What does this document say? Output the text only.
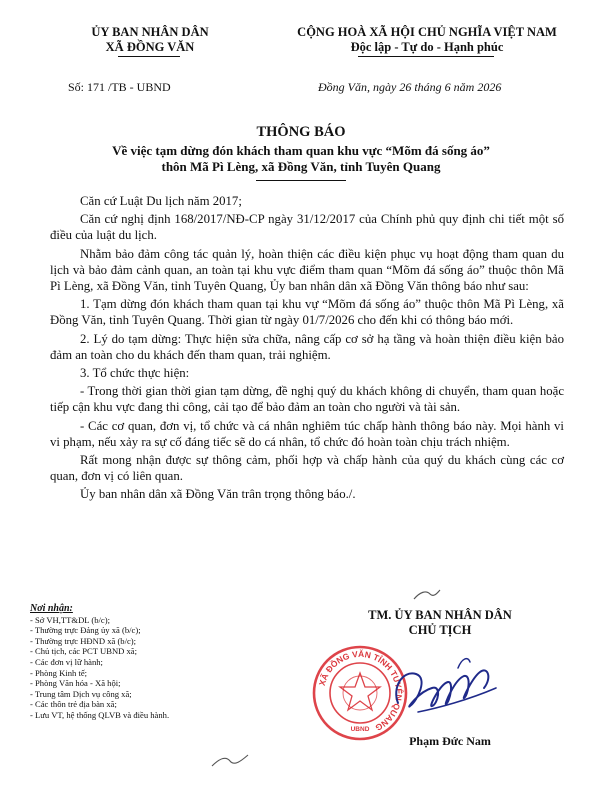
ỦY BAN NHÂN DÂN
XÃ ĐỒNG VĂN
CỘNG HOÀ XÃ HỘI CHỦ NGHĨA VIỆT NAM
Độc lập - Tự do - Hạnh phúc
Số: 171 /TB - UBND	Đồng Văn, ngày 26 tháng 6 năm 2026
THÔNG BÁO
Về việc tạm dừng đón khách tham quan khu vực “Mõm đá sống áo”
thôn Mã Pì Lèng, xã Đồng Văn, tỉnh Tuyên Quang

Căn cứ Luật Du lịch năm 2017;

Căn cứ nghị định 168/2017/NĐ-CP ngày 31/12/2017 của Chính phủ quy định chi tiết một số điều của luật du lịch.

Nhằm bảo đảm công tác quản lý, hoàn thiện các điều kiện phục vụ hoạt động tham quan du lịch và bảo đảm cảnh quan, an toàn tại khu vực điểm tham quan “Mõm đá sống áo” thuộc thôn Mã Pì Lèng, xã Đồng Văn, tỉnh Tuyên Quang, Ủy ban nhân dân xã Đồng Văn thông báo như sau:

1. Tạm dừng đón khách tham quan tại khu vự “Mõm đá sống áo” thuộc thôn Mã Pì Lèng, xã Đồng Văn, tỉnh Tuyên Quang. Thời gian từ ngày 01/7/2026 cho đến khi có thông báo mới.

2. Lý do tạm dừng: Thực hiện sửa chữa, nâng cấp cơ sở hạ tầng và hoàn thiện điều kiện bảo đảm an toàn cho du khách đến tham quan, trải nghiệm.

3. Tổ chức thực hiện:

- Trong thời gian thời gian tạm dừng, đề nghị quý du khách không di chuyển, tham quan hoặc tiếp cận khu vực đang thi công, cải tạo để bảo đảm an toàn cho người và tài sản.

- Các cơ quan, đơn vị, tổ chức và cá nhân nghiêm túc chấp hành thông báo này. Mọi hành vi vi phạm, nếu xảy ra sự cố đáng tiếc sẽ do cá nhân, tổ chức đó hoàn toàn chịu trách nhiệm.

Rất mong nhận được sự thông cảm, phối hợp và chấp hành của quý du khách cùng các cơ quan, đơn vị có liên quan.

Ủy ban nhân dân xã Đồng Văn trân trọng thông báo./.

Nơi nhận:
- Sở VH,TT&DL (b/c);
- Thường trực Đảng ủy xã (b/c);
- Thường trực HĐND xã (b/c);
- Chủ tịch, các PCT UBND xã;
- Các đơn vị lữ hành;
- Phòng Kinh tế;
- Phòng Văn hóa - Xã hội;
- Trung tâm Dịch vụ công xã;
- Các thôn trẻ địa bàn xã;
- Lưu VT, hệ thống QLVB và điều hành.
TM. ỦY BAN NHÂN DÂN
CHỦ TỊCH
XÃ ĐỒNG VĂN TỈNH TUYÊN QUANG
UBND
Phạm Đức Nam
